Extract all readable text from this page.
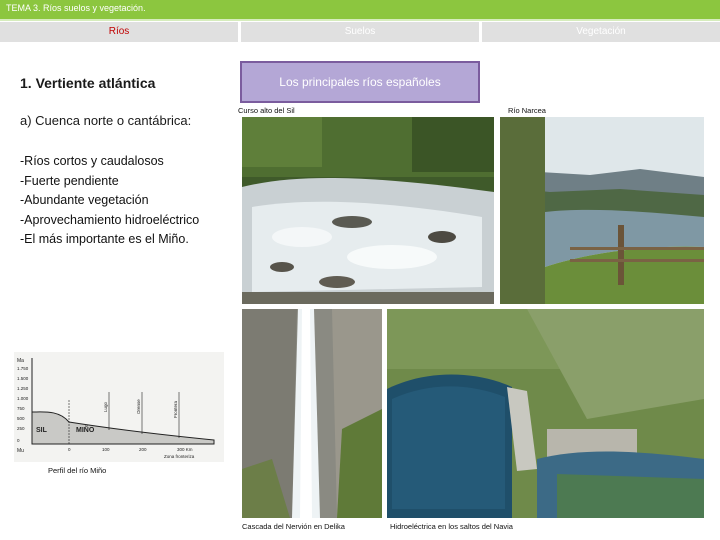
TEMA 3. Ríos suelos y vegetación.
Ríos	Suelos	Vegetación
1. Vertiente atlántica
a) Cuenca norte o cantábrica:
-Ríos cortos y caudalosos
-Fuerte pendiente
-Abundante vegetación
-Aprovechamiento hidroeléctrico
-El más importante es el Miño.
Los principales ríos españoles
Curso alto del Sil	Río Narcea
Cascada del Nervión en Delika	Hidroeléctrica en los saltos del Navia
Ma
Mu
1.750
1.500
1.250
1.000
750
500
250
0
SIL	MIÑO
Lugo	Orense	Frontera
0	100	200	300 Km
Zona fronteriza
Perfil del río Miño
